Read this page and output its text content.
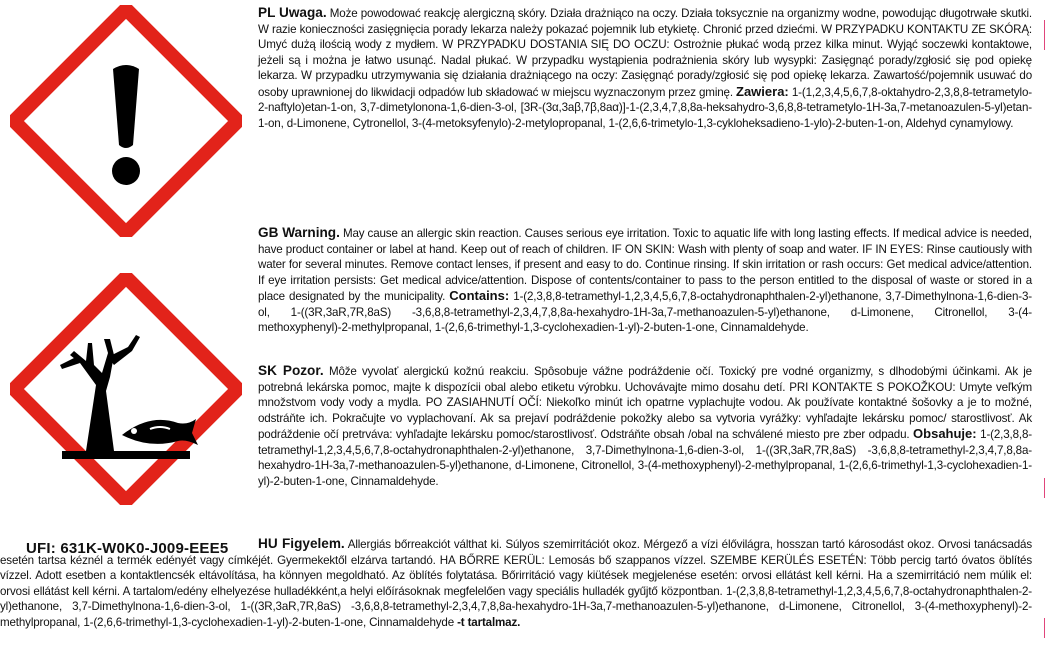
PL Uwaga. Może powodować reakcję alergiczną skóry. Działa drażniąco na oczy. Działa toksycznie na organizmy wodne, powodując długotrwałe skutki. W razie konieczności zasięgnięcia porady lekarza należy pokazać pojemnik lub etykietę. Chronić przed dziećmi. W PRZYPADKU KONTAKTU ZE SKÓRĄ: Umyć dużą ilością wody z mydłem. W PRZYPADKU DOSTANIA SIĘ DO OCZU: Ostrożnie płukać wodą przez kilka minut. Wyjąć soczewki kontaktowe, jeżeli są i można je łatwo usunąć. Nadal płukać. W przypadku wystąpienia podrażnienia skóry lub wysypki: Zasięgnąć porady/zgłosić się pod opiekę lekarza. W przypadku utrzymywania się działania drażniącego na oczy: Zasięgnąć porady/zgłosić się pod opiekę lekarza. Zawartość/pojemnik usuwać do osoby uprawnionej do likwidacji odpadów lub składować w miejscu wyznaczonym przez gminę. Zawiera: 1-(1,2,3,4,5,6,7,8-oktahydro-2,3,8,8-tetrametylo-2-naftylo)etan-1-on, 3,7-dimetylonona-1,6-dien-3-ol, [3R-(3α,3aβ,7β,8aα)]-1-(2,3,4,7,8,8a-heksahydro-3,6,8,8-tetrametylo-1H-3a,7-metanoazulen-5-yl)etan-1-on, d-Limonene, Cytronellol, 3-(4-metoksyfenylo)-2-metylopropanal, 1-(2,6,6-trimetylo-1,3-cykloheksadieno-1-ylo)-2-buten-1-on, Aldehyd cynamylowy.
GB Warning. May cause an allergic skin reaction. Causes serious eye irritation. Toxic to aquatic life with long lasting effects. If medical advice is needed, have product container or label at hand. Keep out of reach of children. IF ON SKIN: Wash with plenty of soap and water. IF IN EYES: Rinse cautiously with water for several minutes. Remove contact lenses, if present and easy to do. Continue rinsing. If skin irritation or rash occurs: Get medical advice/attention. If eye irritation persists: Get medical advice/attention. Dispose of contents/container to pass to the person entitled to the disposal of waste or stored in a place designated by the municipality. Contains: 1-(2,3,8,8-tetramethyl-1,2,3,4,5,6,7,8-octahydronaphthalen-2-yl)ethanone, 3,7-Dimethylnona-1,6-dien-3-ol, 1-((3R,3aR,7R,8aS) -3,6,8,8-tetramethyl-2,3,4,7,8,8a-hexahydro-1H-3a,7-methanoazulen-5-yl)ethanone, d-Limonene, Citronellol, 3-(4-methoxyphenyl)-2-methylpropanal, 1-(2,6,6-trimethyl-1,3-cyclohexadien-1-yl)-2-buten-1-one, Cinnamaldehyde.
SK Pozor. Môže vyvolať alergickú kožnú reakciu. Spôsobuje vážne podráždenie očí. Toxický pre vodné organizmy, s dlhodobými účinkami. Ak je potrebná lekárska pomoc, majte k dispozícii obal alebo etiketu výrobku. Uchovávajte mimo dosahu detí. PRI KONTAKTE S POKOŽKOU: Umyte veľkým množstvom vody vody a mydla. PO ZASIAHNUTÍ OČÍ: Niekoľko minút ich opatrne vyplachujte vodou. Ak používate kontaktné šošovky a je to možné, odstráňte ich. Pokračujte vo vyplachovaní. Ak sa prejaví podráždenie pokožky alebo sa vytvoria vyrážky: vyhľadajte lekársku pomoc/ starostlivosť. Ak podráždenie očí pretrváva: vyhľadajte lekársku pomoc/starostlivosť. Odstráňte obsah /obal na schválené miesto pre zber odpadu. Obsahuje: 1-(2,3,8,8-tetramethyl-1,2,3,4,5,6,7,8-octahydronaphthalen-2-yl)ethanone, 3,7-Dimethylnona-1,6-dien-3-ol, 1-((3R,3aR,7R,8aS) -3,6,8,8-tetramethyl-2,3,4,7,8,8a-hexahydro-1H-3a,7-methanoazulen-5-yl)ethanone, d-Limonene, Citronellol, 3-(4-methoxyphenyl)-2-methylpropanal, 1-(2,6,6-trimethyl-1,3-cyclohexadien-1-yl)-2-buten-1-one, Cinnamaldehyde.
UFI: 631K-W0K0-J009-EEE5	HU Figyelem. Allergiás bőrreakciót válthat ki. Súlyos szemirritációt okoz. Mérgező a vízi élővilágra, hosszan tartó károsodást okoz. Orvosi tanácsadás esetén tartsa kéznél a termék edényét vagy címkéjét. Gyermekektől elzárva tartandó. HA BŐRRE KERÜL: Lemosás bő szappanos vízzel. SZEMBE KERÜLÉS ESETÉN: Több percig tartó óvatos öblítés vízzel. Adott esetben a kontaktlencsék eltávolítása, ha könnyen megoldható. Az öblítés folytatása. Bőrirritáció vagy kiütések megjelenése esetén: orvosi ellátást kell kérni. Ha a szemirritáció nem múlik el: orvosi ellátást kell kérni. A tartalom/edény elhelyezése hulladékként,a helyi előírásoknak megfelelően vagy speciális hulladék gyűjtő központban. 1-(2,3,8,8-tetramethyl-1,2,3,4,5,6,7,8-octahydronaphthalen-2-yl)ethanone, 3,7-Dimethylnona-1,6-dien-3-ol, 1-((3R,3aR,7R,8aS) -3,6,8,8-tetramethyl-2,3,4,7,8,8a-hexahydro-1H-3a,7-methanoazulen-5-yl)ethanone, d-Limonene, Citronellol, 3-(4-methoxyphenyl)-2-methylpropanal, 1-(2,6,6-trimethyl-1,3-cyclohexadien-1-yl)-2-buten-1-one, Cinnamaldehyde -t tartalmaz.
